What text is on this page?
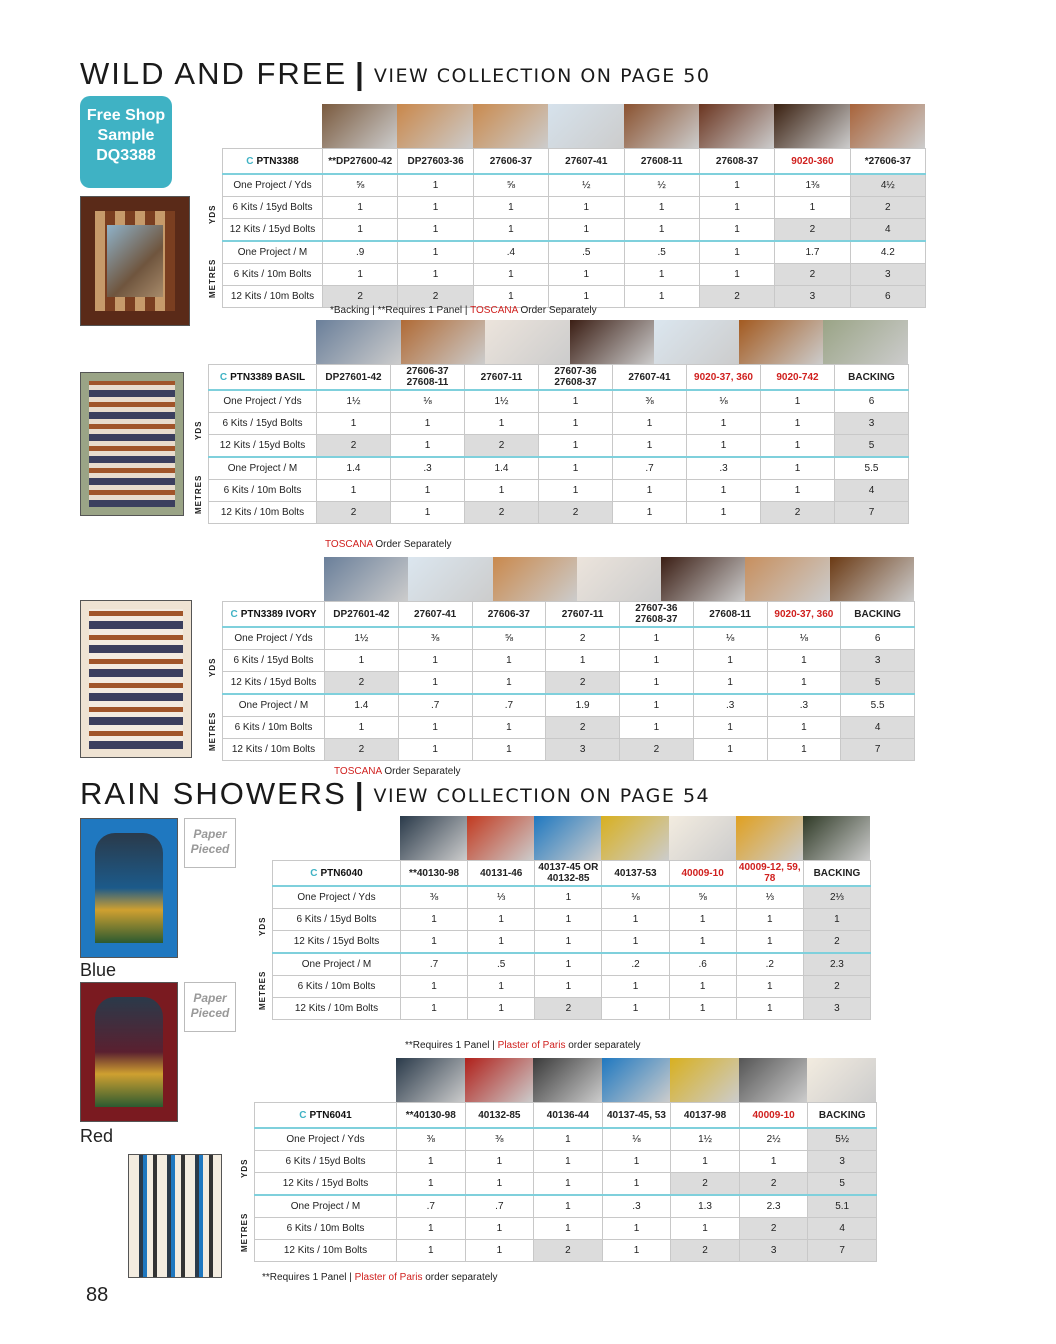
WILD AND FREE | VIEW COLLECTION ON PAGE 50
Free Shop
Sample
DQ3388
RAIN SHOWERS | VIEW COLLECTION ON PAGE 54
Paper
Pieced
Blue
Paper
Pieced
Red
C PTN3388	**DP27600-42	DP27603-36	27606-37	27607-41	27608-11	27608-37	9020-360	*27606-37
One Project / Yds	⅝	1	⅝	½	½	1	1⅜	4½
6 Kits / 15yd Bolts	1	1	1	1	1	1	1	2
12 Kits / 15yd Bolts	1	1	1	1	1	1	2	4
One Project / M	.9	1	.4	.5	.5	1	1.7	4.2
6 Kits / 10m Bolts	1	1	1	1	1	1	2	3
12 Kits / 10m Bolts	2	2	1	1	1	2	3	6
YDS
METRES
*Backing | **Requires 1 Panel | TOSCANA Order Separately
C PTN3389 BASIL	DP27601-42	27606-37 27608-11	27607-11	27607-36 27608-37	27607-41	9020-37, 360	9020-742	BACKING
One Project / Yds	1½	⅛	1½	1	⅜	⅛	1	6
6 Kits / 15yd Bolts	1	1	1	1	1	1	1	3
12 Kits / 15yd Bolts	2	1	2	1	1	1	1	5
One Project / M	1.4	.3	1.4	1	.7	.3	1	5.5
6 Kits / 10m Bolts	1	1	1	1	1	1	1	4
12 Kits / 10m Bolts	2	1	2	2	1	1	2	7
YDS
METRES
TOSCANA Order Separately
C PTN3389 IVORY	DP27601-42	27607-41	27606-37	27607-11	27607-36 27608-37	27608-11	9020-37, 360	BACKING
One Project / Yds	1½	⅜	⅝	2	1	⅛	⅛	6
6 Kits / 15yd Bolts	1	1	1	1	1	1	1	3
12 Kits / 15yd Bolts	2	1	1	2	1	1	1	5
One Project / M	1.4	.7	.7	1.9	1	.3	.3	5.5
6 Kits / 10m Bolts	1	1	1	2	1	1	1	4
12 Kits / 10m Bolts	2	1	1	3	2	1	1	7
YDS
METRES
TOSCANA Order Separately
C PTN6040	**40130-98	40131-46	40137-45 OR 40132-85	40137-53	40009-10	40009-12, 59, 78	BACKING
One Project / Yds	⅜	⅓	1	⅛	⅝	⅓	2⅓
6 Kits / 15yd Bolts	1	1	1	1	1	1	1
12 Kits / 15yd Bolts	1	1	1	1	1	1	2
One Project / M	.7	.5	1	.2	.6	.2	2.3
6 Kits / 10m Bolts	1	1	1	1	1	1	2
12 Kits / 10m Bolts	1	1	2	1	1	1	3
YDS
METRES
**Requires 1 Panel | Plaster of Paris order separately
C PTN6041	**40130-98	40132-85	40136-44	40137-45, 53	40137-98	40009-10	BACKING
One Project / Yds	⅜	⅜	1	⅛	1½	2½	5½
6 Kits / 15yd Bolts	1	1	1	1	1	1	3
12 Kits / 15yd Bolts	1	1	1	1	2	2	5
One Project / M	.7	.7	1	.3	1.3	2.3	5.1
6 Kits / 10m Bolts	1	1	1	1	1	2	4
12 Kits / 10m Bolts	1	1	2	1	2	3	7
YDS
METRES
**Requires 1 Panel | Plaster of Paris order separately
88
